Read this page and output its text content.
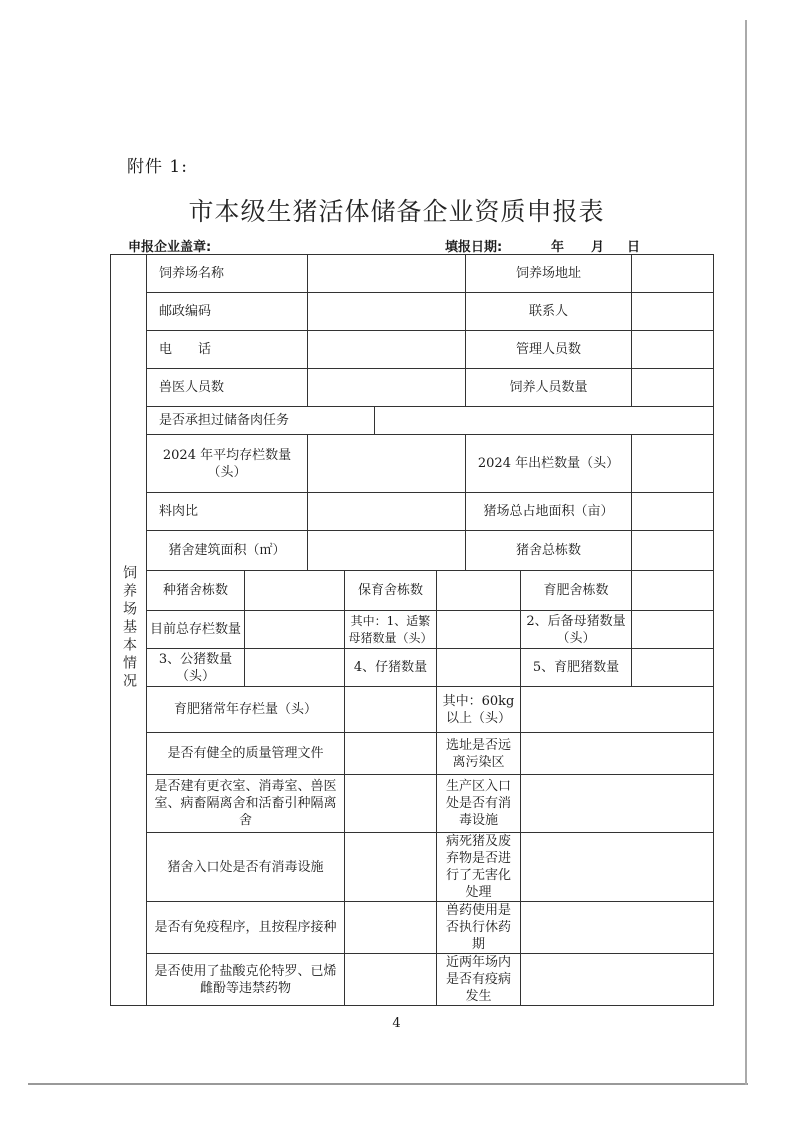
附件 1:
市本级生猪活体储备企业资质申报表
申报企业盖章:	填报日期:	年	月	日
饲养场基本情况	饲养场名称						饲养场地址		
	邮政编码						联系人		
	电　　话						管理人员数		
	兽医人员数						饲养人员数量		
	是否承担过储备肉任务								
	2024 年平均存栏数量（头）						2024 年出栏数量（头）		
	料肉比						猪场总占地面积（亩）		
	猪舍建筑面积（㎡）						猪舍总栋数		
	种猪舍栋数			保育舍栋数				育肥舍栋数	
	目前总存栏数量			其中：1、适繁母猪数量（头）				2、后备母猪数量（头）	
	3、公猪数量（头）			4、仔猪数量				5、育肥猪数量	
	育肥猪常年存栏量（头）					其中：60kg以上（头）			
	是否有健全的质量管理文件					选址是否远离污染区			
	是否建有更衣室、消毒室、兽医室、病畜隔离舍和活畜引种隔离舍					生产区入口处是否有消毒设施			
	猪舍入口处是否有消毒设施					病死猪及废弃物是否进行了无害化处理			
	是否有免疫程序，且按程序接种					兽药使用是否执行休药期			
	是否使用了盐酸克伦特罗、已烯雌酚等违禁药物					近两年场内是否有疫病发生			
4
